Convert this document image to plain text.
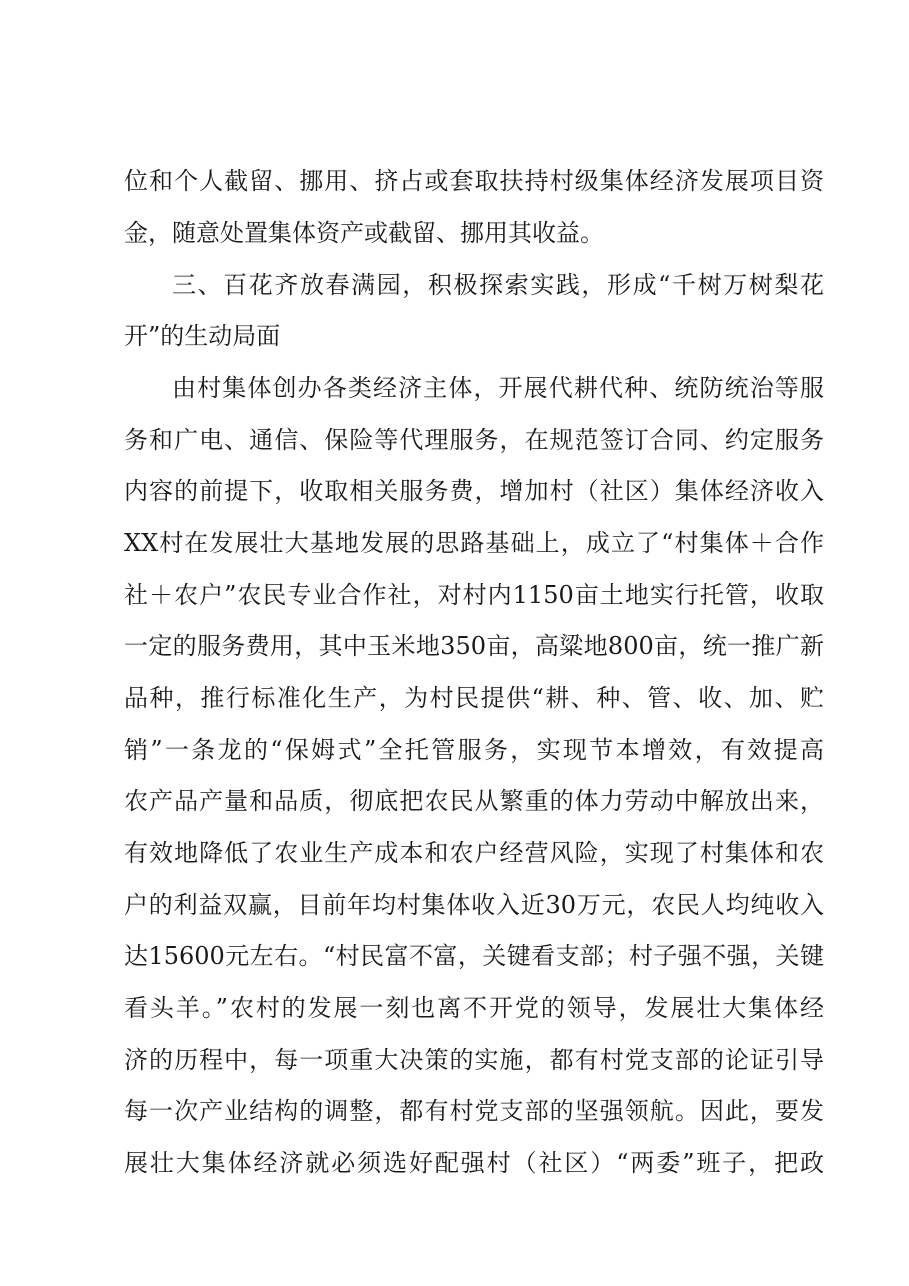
位和个人截留、挪用、挤占或套取扶持村级集体经济发展项目资
金，随意处置集体资产或截留、挪用其收益。
三、百花齐放春满园，积极探索实践，形成“千树万树梨花
开”的生动局面
由村集体创办各类经济主体，开展代耕代种、统防统治等服
务和广电、通信、保险等代理服务，在规范签订合同、约定服务
内容的前提下，收取相关服务费，增加村（社区）集体经济收入
XX村在发展壮大基地发展的思路基础上，成立了“村集体＋合作
社＋农户”农民专业合作社，对村内1150亩土地实行托管，收取
一定的服务费用，其中玉米地350亩，高粱地800亩，统一推广新
品种，推行标准化生产，为村民提供“耕、种、管、收、加、贮
销”一条龙的“保姆式”全托管服务，实现节本增效，有效提高
农产品产量和品质，彻底把农民从繁重的体力劳动中解放出来，
有效地降低了农业生产成本和农户经营风险，实现了村集体和农
户的利益双赢，目前年均村集体收入近30万元，农民人均纯收入
达15600元左右。“村民富不富，关键看支部；村子强不强，关键
看头羊。”农村的发展一刻也离不开党的领导，发展壮大集体经
济的历程中，每一项重大决策的实施，都有村党支部的论证引导
每一次产业结构的调整，都有村党支部的坚强领航。因此，要发
展壮大集体经济就必须选好配强村（社区）“两委”班子，把政
